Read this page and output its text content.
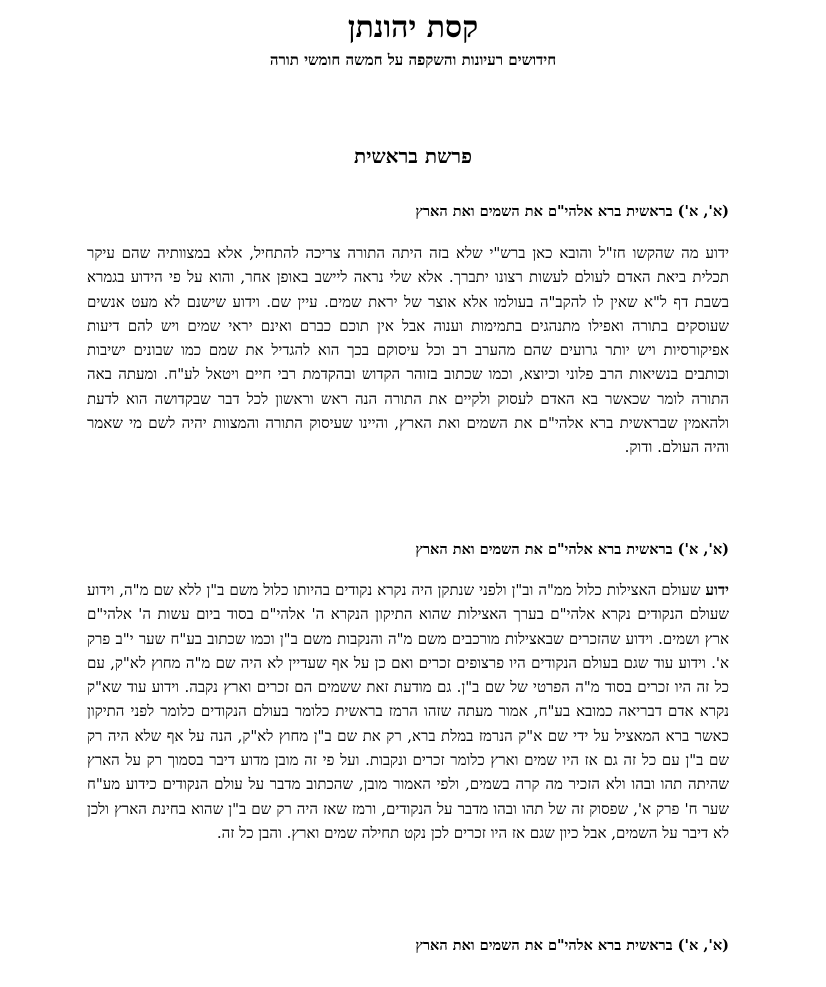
קסת יהונתן
חידושים רעיונות והשקפה על חמשה חומשי תורה
פרשת בראשית
(א', א') בראשית ברא אלהי"ם את השמים ואת הארץ

ידוע מה שהקשו חז"ל והובא כאן ברש"י שלא בזה היתה התורה צריכה להתחיל, אלא במצוותיה שהם עיקר תכלית ביאת האדם לעולם לעשות רצונו יתברך. אלא שלי נראה ליישב באופן אחר, והוא על פי הידוע בגמרא בשבת דף ל"א שאין לו להקב"ה בעולמו אלא אוצר של יראת שמים. עיין שם. וידוע שישנם לא מעט אנשים שעוסקים בתורה ואפילו מתנהגים בתמימות וענוה אבל אין תוכם כברם ואינם יראי שמים ויש להם דיעות אפיקורסיות ויש יותר גרועים שהם מהערב רב וכל עיסוקם בכך הוא להגדיל את שמם כמו שבונים ישיבות וכותבים בנשיאות הרב פלוני וכיוצא, וכמו שכתוב בזוהר הקדוש ובהקדמת רבי חיים ויטאל לע"ח. ומעתה באה התורה לומר שכאשר בא האדם לעסוק ולקיים את התורה הנה ראש וראשון לכל דבר שבקדושה הוא לדעת ולהאמין שבראשית ברא אלהי"ם את השמים ואת הארץ, והיינו שעיסוק התורה והמצוות יהיה לשם מי שאמר והיה העולם. ודוק.

(א', א') בראשית ברא אלהי"ם את השמים ואת הארץ

ידוע שעולם האצילות כלול ממ"ה וב"ן ולפני שנתקן היה נקרא נקודים בהיותו כלול משם ב"ן ללא שם מ"ה, וידוע שעולם הנקודים נקרא אלהי"ם בערך האצילות שהוא התיקון הנקרא ה' אלהי"ם בסוד ביום עשות ה' אלהי"ם ארץ ושמים. וידוע שהזכרים שבאצילות מורכבים משם מ"ה והנקבות משם ב"ן וכמו שכתוב בע"ח שער י"ב פרק א'. וידוע עוד שגם בעולם הנקודים היו פרצופים זכרים ואם כן על אף שעדיין לא היה שם מ"ה מחוץ לא"ק, עם כל זה היו זכרים בסוד מ"ה הפרטי של שם ב"ן. גם מודעת זאת ששמים הם זכרים וארץ נקבה. וידוע עוד שא"ק נקרא אדם דבריאה כמובא בע"ח, אמור מעתה שזהו הרמז בראשית כלומר בעולם הנקודים כלומר לפני התיקון כאשר ברא המאציל על ידי שם א"ק הנרמז במלת ברא, רק את שם ב"ן מחוץ לא"ק, הנה על אף שלא היה רק שם ב"ן עם כל זה גם אז היו שמים וארץ כלומר זכרים ונקבות. ועל פי זה מובן מדוע דיבר בסמוך רק על הארץ שהיתה תהו ובהו ולא הזכיר מה קרה בשמים, ולפי האמור מובן, שהכתוב מדבר על עולם הנקודים כידוע מע"ח שער ח' פרק א', שפסוק זה של תהו ובהו מדבר על הנקודים, ורמז שאז היה רק שם ב"ן שהוא בחינת הארץ ולכן לא דיבר על השמים, אבל כיון שגם אז היו זכרים לכן נקט תחילה שמים וארץ. והבן כל זה.

(א', א') בראשית ברא אלהי"ם את השמים ואת הארץ
